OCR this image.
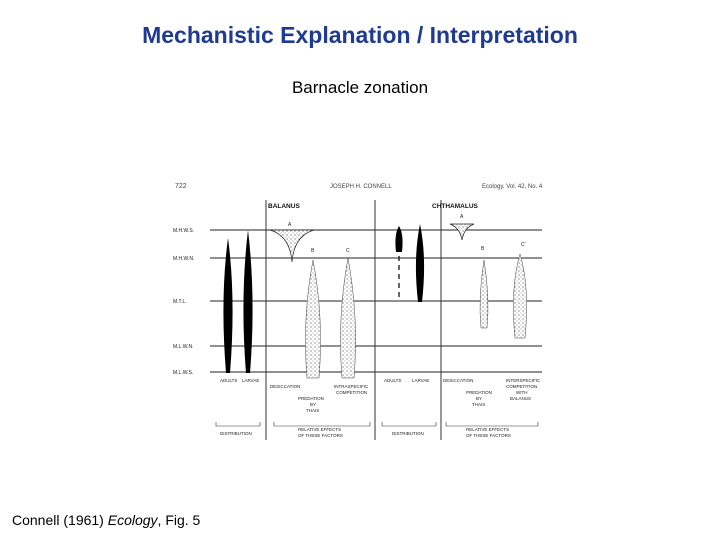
Mechanistic Explanation / Interpretation
Barnacle zonation
722	JOSEPH H. CONNELL	Ecology, Vol. 42, No. 4
BALANUS	CHTHAMALUS
M.H.W.S.
M.H.W.N.
M.T.L.
M.L.W.N.
M.L.W.S.
A
B	C
A
B
C'
ADULTS LARVAE
DESICCATION	INTRASPECIFIC
COMPETITION
PREDATION
BY
THAIS
DISTRIBUTION
RELATIVE EFFECTS
OF THESE FACTORS
ADULTS LARVAE	DESICCATION	INTERSPECIFIC
COMPETITION
PREDATION	WITH
BALANUS
BY
THAIS
DISTRIBUTION
RELATIVE EFFECTS
OF THESE FACTORS
Connell (1961) Ecology, Fig. 5
